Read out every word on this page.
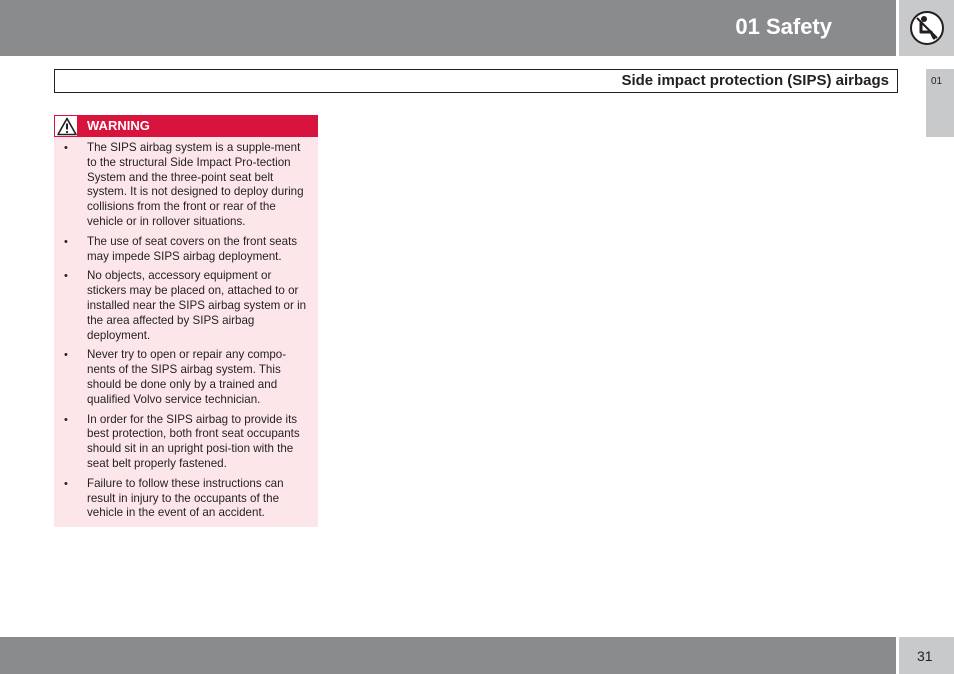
01 Safety
Side impact protection (SIPS) airbags	01
WARNING
• The SIPS airbag system is a supple-ment to the structural Side Impact Pro-tection System and the three-point seat belt system. It is not designed to deploy during collisions from the front or rear of the vehicle or in rollover situations.
• The use of seat covers on the front seats may impede SIPS airbag deployment.
• No objects, accessory equipment or stickers may be placed on, attached to or installed near the SIPS airbag system or in the area affected by SIPS airbag deployment.
• Never try to open or repair any compo-nents of the SIPS airbag system. This should be done only by a trained and qualified Volvo service technician.
• In order for the SIPS airbag to provide its best protection, both front seat occupants should sit in an upright posi-tion with the seat belt properly fastened.
• Failure to follow these instructions can result in injury to the occupants of the vehicle in the event of an accident.
31
